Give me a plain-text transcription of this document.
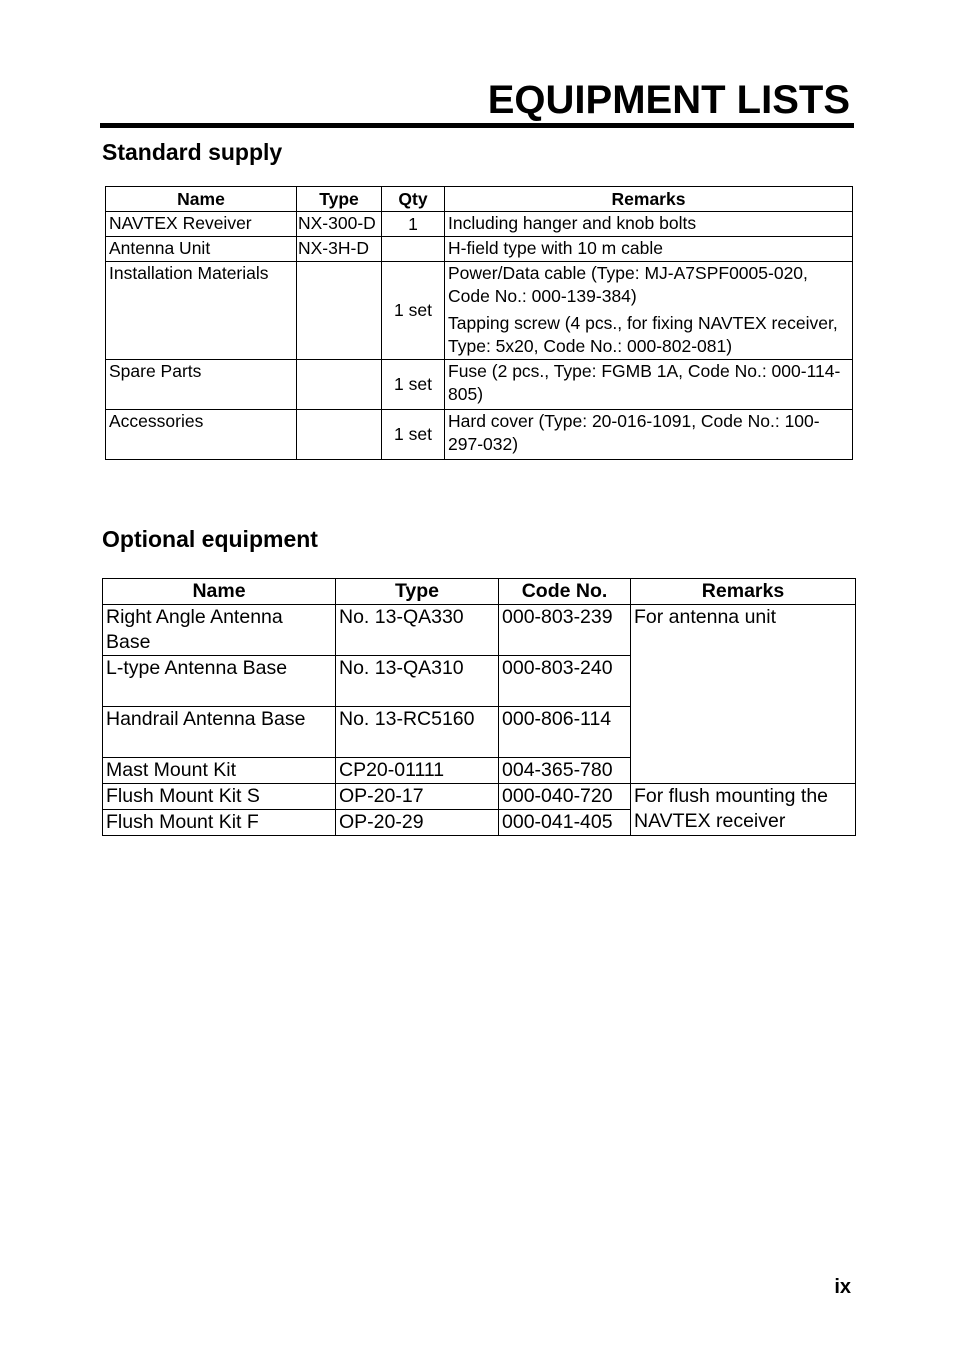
EQUIPMENT LISTS
Standard supply
Name	Type	Qty	Remarks
NAVTEX Reveiver	NX-300-D	1	Including hanger and knob bolts

Antenna Unit	NX-3H-D		H-field type with 10 m cable

Installation Materials		1 set	Power/Data cable (Type: MJ-A7SPF0005-020, Code No.: 000-139-384)
Tapping screw (4 pcs., for fixing NAVTEX receiver, Type: 5x20, Code No.: 000-802-081)

Spare Parts		1 set	Fuse (2 pcs., Type: FGMB 1A, Code No.: 000-114-805)

Accessories		1 set	Hard cover (Type: 20-016-1091, Code No.: 100-297-032)
Optional equipment
Name	Type	Code No.	Remarks
Right Angle Antenna Base	No. 13-QA330	000-803-239	For antenna unit
L-type Antenna Base	No. 13-QA310	000-803-240	
Handrail Antenna Base	No. 13-RC5160	000-806-114	
Mast Mount Kit	CP20-01111	004-365-780	
Flush Mount Kit S	OP-20-17	000-040-720	For flush mounting the NAVTEX receiver
Flush Mount Kit F	OP-20-29	000-041-405	
ix
